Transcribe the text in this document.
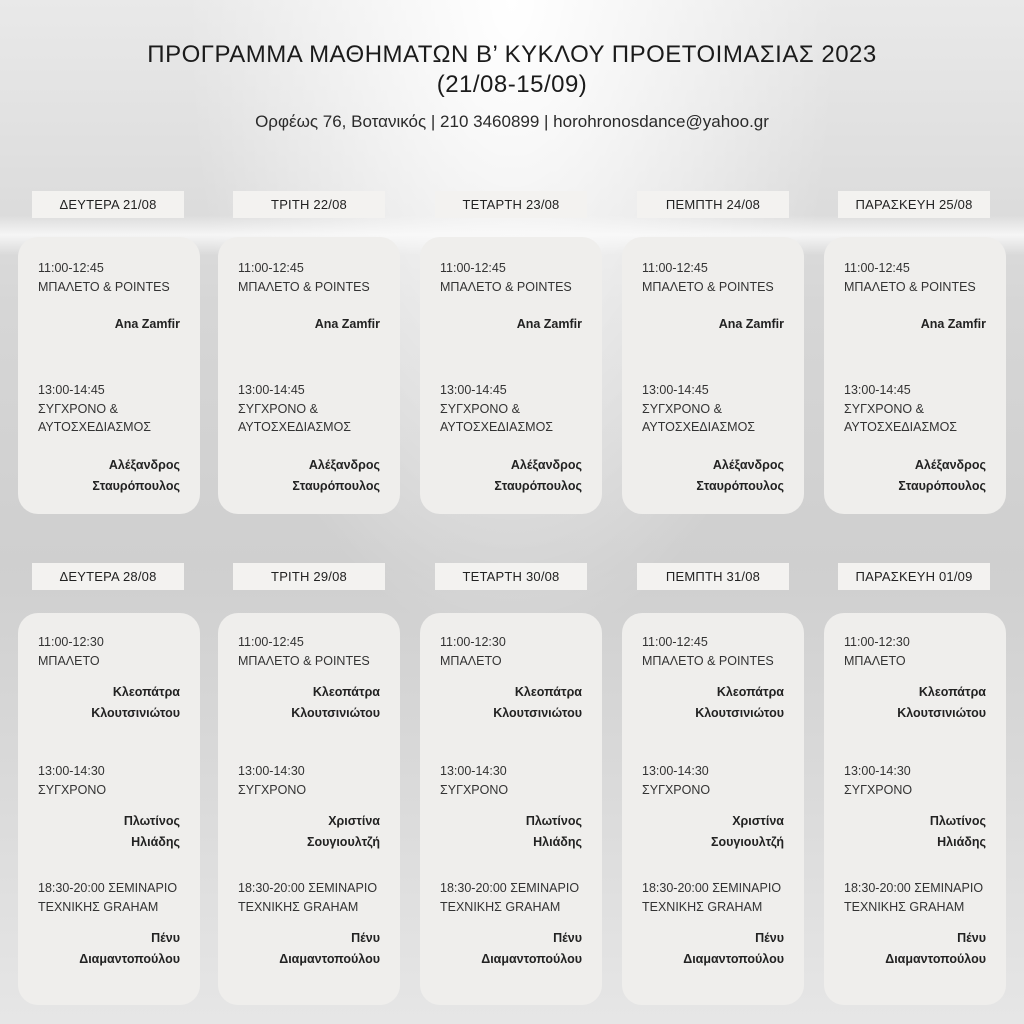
ΠΡΟΓΡΑΜΜΑ ΜΑΘΗΜΑΤΩΝ Β’ ΚΥΚΛΟΥ ΠΡΟΕΤΟΙΜΑΣΙΑΣ 2023
(21/08-15/09)
Ορφέως 76, Βοτανικός | 210 3460899 | horohronosdance@yahoo.gr
ΔΕΥΤΕΡΑ 21/08
11:00-12:45
ΜΠΑΛΕΤΟ & POINTES
Ana Zamfir
13:00-14:45
ΣΥΓΧΡΟΝΟ & ΑΥΤΟΣΧΕΔΙΑΣΜΟΣ
Αλέξανδρος
Σταυρόπουλος
ΤΡΙΤΗ 22/08
11:00-12:45
ΜΠΑΛΕΤΟ & POINTES
Ana Zamfir
13:00-14:45
ΣΥΓΧΡΟΝΟ & ΑΥΤΟΣΧΕΔΙΑΣΜΟΣ
Αλέξανδρος
Σταυρόπουλος
ΤΕΤΑΡΤΗ 23/08
11:00-12:45
ΜΠΑΛΕΤΟ & POINTES
Ana Zamfir
13:00-14:45
ΣΥΓΧΡΟΝΟ & ΑΥΤΟΣΧΕΔΙΑΣΜΟΣ
Αλέξανδρος
Σταυρόπουλος
ΠΕΜΠΤΗ 24/08
11:00-12:45
ΜΠΑΛΕΤΟ & POINTES
Ana Zamfir
13:00-14:45
ΣΥΓΧΡΟΝΟ & ΑΥΤΟΣΧΕΔΙΑΣΜΟΣ
Αλέξανδρος
Σταυρόπουλος
ΠΑΡΑΣΚΕΥΗ 25/08
11:00-12:45
ΜΠΑΛΕΤΟ & POINTES
Ana Zamfir
13:00-14:45
ΣΥΓΧΡΟΝΟ & ΑΥΤΟΣΧΕΔΙΑΣΜΟΣ
Αλέξανδρος
Σταυρόπουλος
ΔΕΥΤΕΡΑ 28/08
11:00-12:30
ΜΠΑΛΕΤΟ
Κλεοπάτρα
Κλουτσινιώτου
13:00-14:30
ΣΥΓΧΡΟΝΟ
Πλωτίνος
Ηλιάδης
18:30-20:00 ΣΕΜΙΝΑΡΙΟ
ΤΕΧΝΙΚΗΣ GRAHAM
Πένυ
Διαμαντοπούλου
ΤΡΙΤΗ 29/08
11:00-12:45
ΜΠΑΛΕΤΟ & POINTES
Κλεοπάτρα
Κλουτσινιώτου
13:00-14:30
ΣΥΓΧΡΟΝΟ
Χριστίνα
Σουγιουλτζή
18:30-20:00 ΣΕΜΙΝΑΡΙΟ
ΤΕΧΝΙΚΗΣ GRAHAM
Πένυ
Διαμαντοπούλου
ΤΕΤΑΡΤΗ 30/08
11:00-12:30
ΜΠΑΛΕΤΟ
Κλεοπάτρα
Κλουτσινιώτου
13:00-14:30
ΣΥΓΧΡΟΝΟ
Πλωτίνος
Ηλιάδης
18:30-20:00 ΣΕΜΙΝΑΡΙΟ
ΤΕΧΝΙΚΗΣ GRAHAM
Πένυ
Διαμαντοπούλου
ΠΕΜΠΤΗ 31/08
11:00-12:45
ΜΠΑΛΕΤΟ & POINTES
Κλεοπάτρα
Κλουτσινιώτου
13:00-14:30
ΣΥΓΧΡΟΝΟ
Χριστίνα
Σουγιουλτζή
18:30-20:00 ΣΕΜΙΝΑΡΙΟ
ΤΕΧΝΙΚΗΣ GRAHAM
Πένυ
Διαμαντοπούλου
ΠΑΡΑΣΚΕΥΗ 01/09
11:00-12:30
ΜΠΑΛΕΤΟ
Κλεοπάτρα
Κλουτσινιώτου
13:00-14:30
ΣΥΓΧΡΟΝΟ
Πλωτίνος
Ηλιάδης
18:30-20:00 ΣΕΜΙΝΑΡΙΟ
ΤΕΧΝΙΚΗΣ GRAHAM
Πένυ
Διαμαντοπούλου
